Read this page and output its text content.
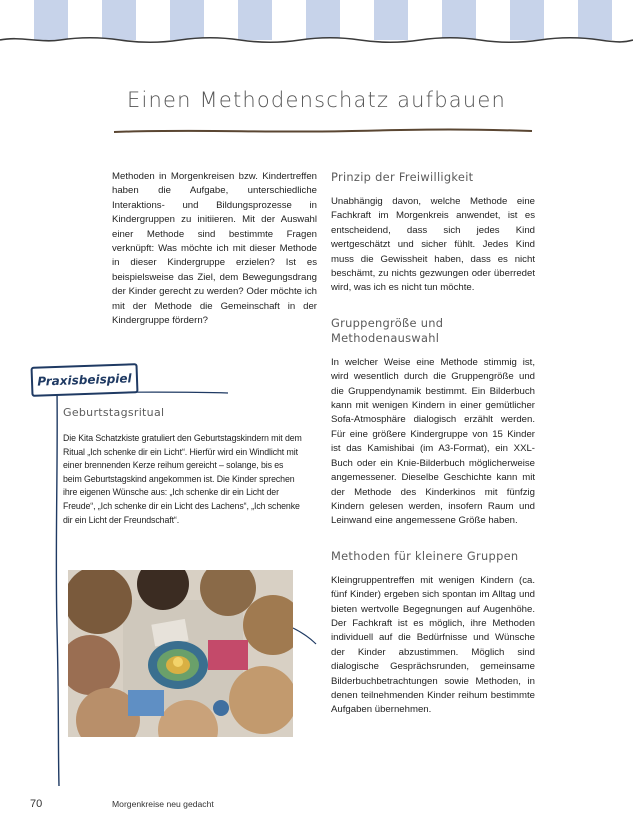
Einen Methodenschatz aufbauen

Methoden in Morgenkreisen bzw. Kindertreffen haben die Aufgabe, unterschiedliche Interaktions- und Bildungsprozesse in Kindergruppen zu initiieren. Mit der Auswahl einer Methode sind bestimmte Fragen verknüpft: Was möchte ich mit dieser Methode in dieser Kindergruppe erzielen? Ist es beispielsweise das Ziel, dem Bewegungsdrang der Kinder gerecht zu werden? Oder möchte ich mit der Methode die Gemeinschaft in der Kindergruppe fördern?

Prinzip der Freiwilligkeit

Unabhängig davon, welche Methode eine Fachkraft im Morgenkreis anwendet, ist es entscheidend, dass sich jedes Kind wertgeschätzt und sicher fühlt. Jedes Kind muss die Gewissheit haben, dass es nicht beschämt, zu nichts gezwungen oder überredet wird, was ich es nicht tun möchte.

Gruppengröße und Methodenauswahl

In welcher Weise eine Methode stimmig ist, wird wesentlich durch die Gruppengröße und die Gruppendynamik bestimmt. Ein Bilderbuch kann mit wenigen Kindern in einer gemütlicher Sofa-Atmosphäre dialogisch erzählt werden. Für eine größere Kindergruppe von 15 Kinder ist das Kamishibai (im A3-Format), ein XXL-Buch oder ein Knie-Bilderbuch möglicherweise angemessener. Dieselbe Geschichte kann mit der Methode des Kinderkinos mit fünfzig Kindern gelesen werden, insofern Raum und Leinwand eine angemessene Größe haben.

Methoden für kleinere Gruppen

Kleingruppentreffen mit wenigen Kindern (ca. fünf Kinder) ergeben sich spontan im Alltag und bieten wertvolle Begegnungen auf Augenhöhe. Der Fachkraft ist es möglich, ihre Methoden individuell auf die Bedürfnisse und Wünsche der Kinder abzustimmen. Möglich sind dialogische Gesprächsrunden, gemeinsame Bilderbuchbetrachtungen sowie Methoden, in denen teilnehmenden Kinder reihum bestimmte Aufgaben übernehmen.

Praxisbeispiel
Geburtstagsritual
Die Kita Schatzkiste gratuliert den Geburtstagskindern mit dem Ritual „Ich schenke dir ein Licht“. Hierfür wird ein Windlicht mit einer brennenden Kerze reihum gereicht – solange, bis es beim Geburtstagskind angekommen ist. Die Kinder sprechen ihre eigenen Wünsche aus: „Ich schenke dir ein Licht der Freude“, „Ich schenke dir ein Licht des Lachens“, „Ich schenke dir ein Licht der Freundschaft“.
70	Morgenkreise neu gedacht
